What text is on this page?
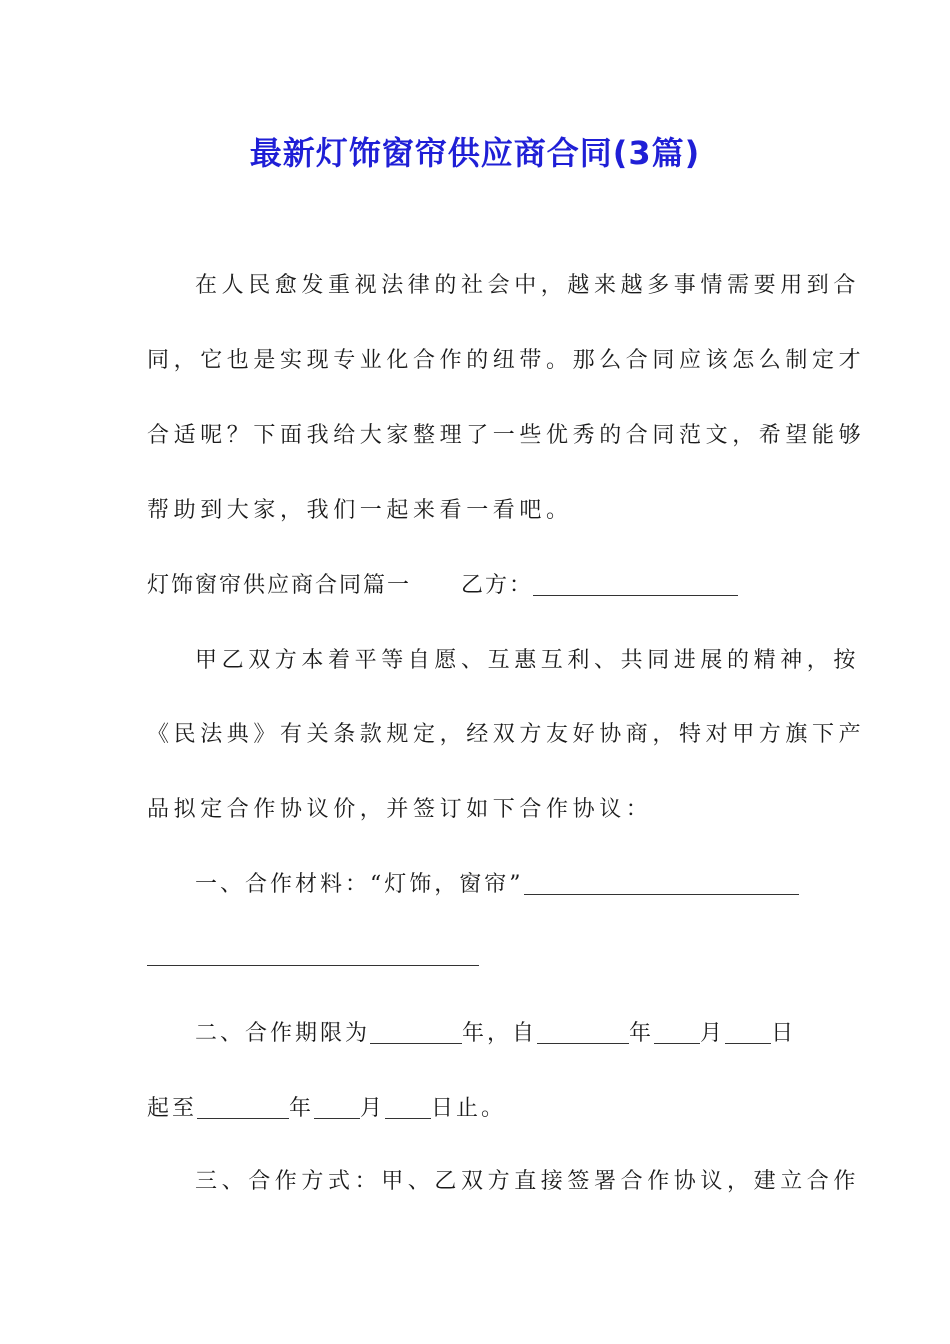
最新灯饰窗帘供应商合同(3篇)
在人民愈发重视法律的社会中，越来越多事情需要用到合
同，它也是实现专业化合作的纽带。那么合同应该怎么制定才
合适呢？下面我给大家整理了一些优秀的合同范文，希望能够
帮助到大家，我们一起来看一看吧。
灯饰窗帘供应商合同篇一 乙方：
甲乙双方本着平等自愿、互惠互利、共同进展的精神，按
《民法典》有关条款规定，经双方友好协商，特对甲方旗下产
品拟定合作协议价，并签订如下合作协议：
一、合作材料：“灯饰，窗帘”
二、合作期限为	年，自	年 月 日
起至	年 月 日止。
三、合作方式：甲、乙双方直接签署合作协议，建立合作
